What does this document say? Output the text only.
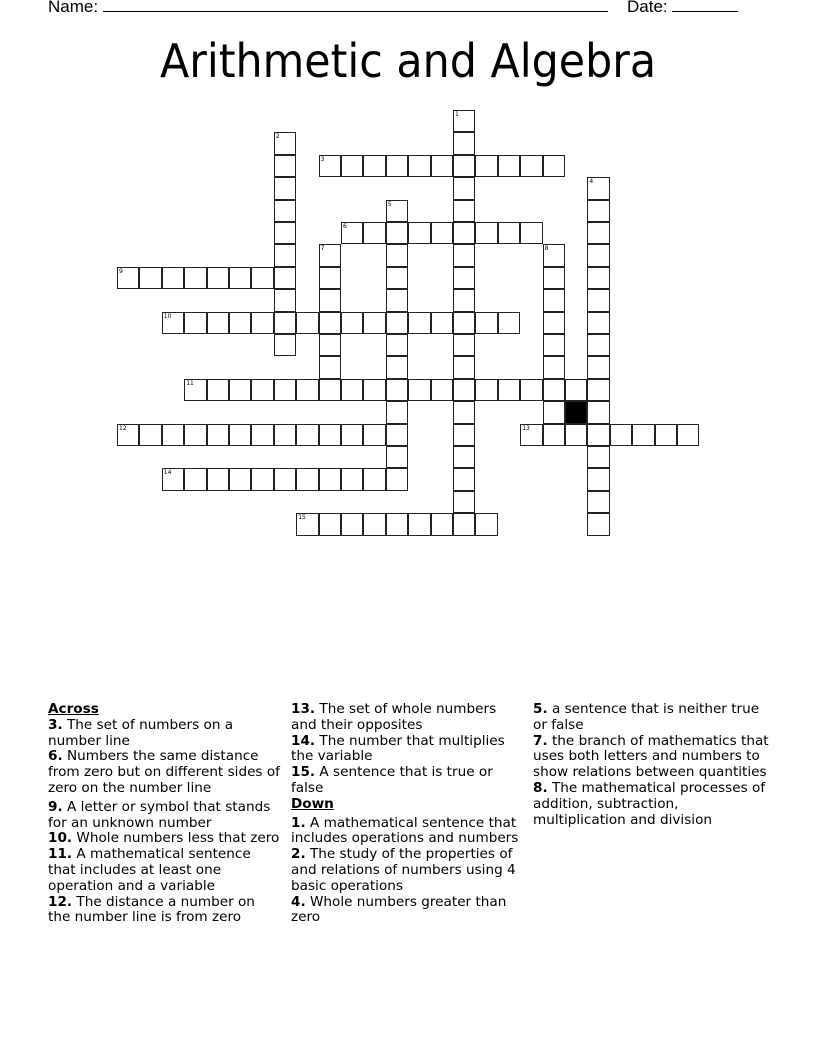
Name:	Date:
Arithmetic and Algebra
1
2
3
4
5
6
7	8
9
10
11
12	13
14
15
Across
3. The set of numbers on a number line
6. Numbers the same distance from zero but on different sides of zero on the number line
9. A letter or symbol that stands for an unknown number
10. Whole numbers less that zero
11. A mathematical sentence that includes at least one operation and a variable
12. The distance a number on the number line is from zero
13. The set of whole numbers and their opposites
14. The number that multiplies the variable
15. A sentence that is true or false
Down
1. A mathematical sentence that includes operations and numbers
2. The study of the properties of and relations of numbers using 4 basic operations
4. Whole numbers greater than zero
5. a sentence that is neither true or false
7. the branch of mathematics that uses both letters and numbers to show relations between quantities
8. The mathematical processes of addition, subtraction, multiplication and division
